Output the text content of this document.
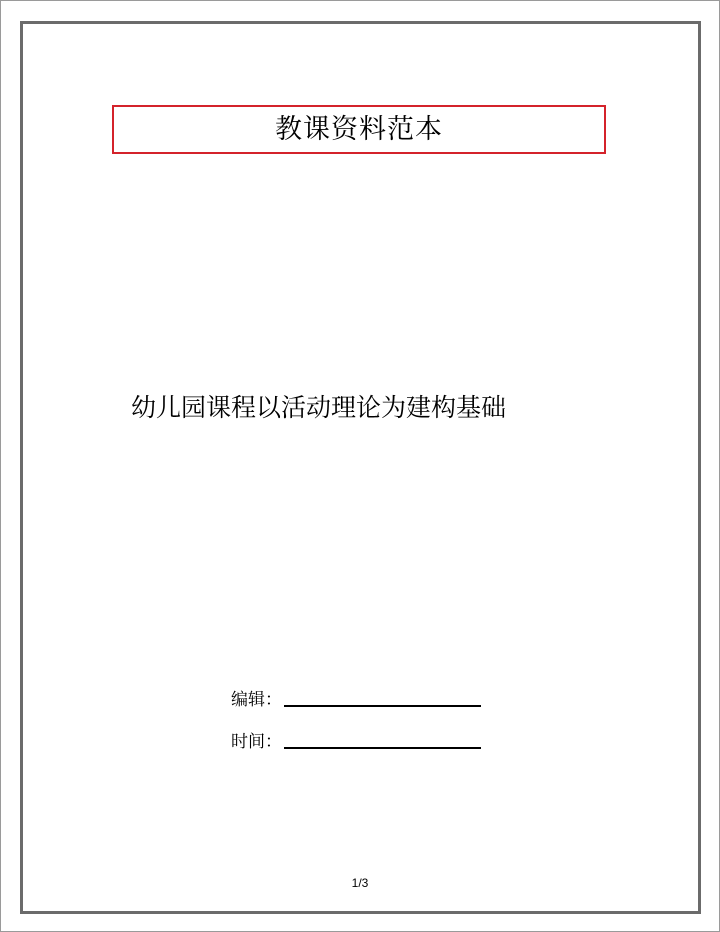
教课资料范本
幼儿园课程以活动理论为建构基础
编辑：
时间：
1/3
